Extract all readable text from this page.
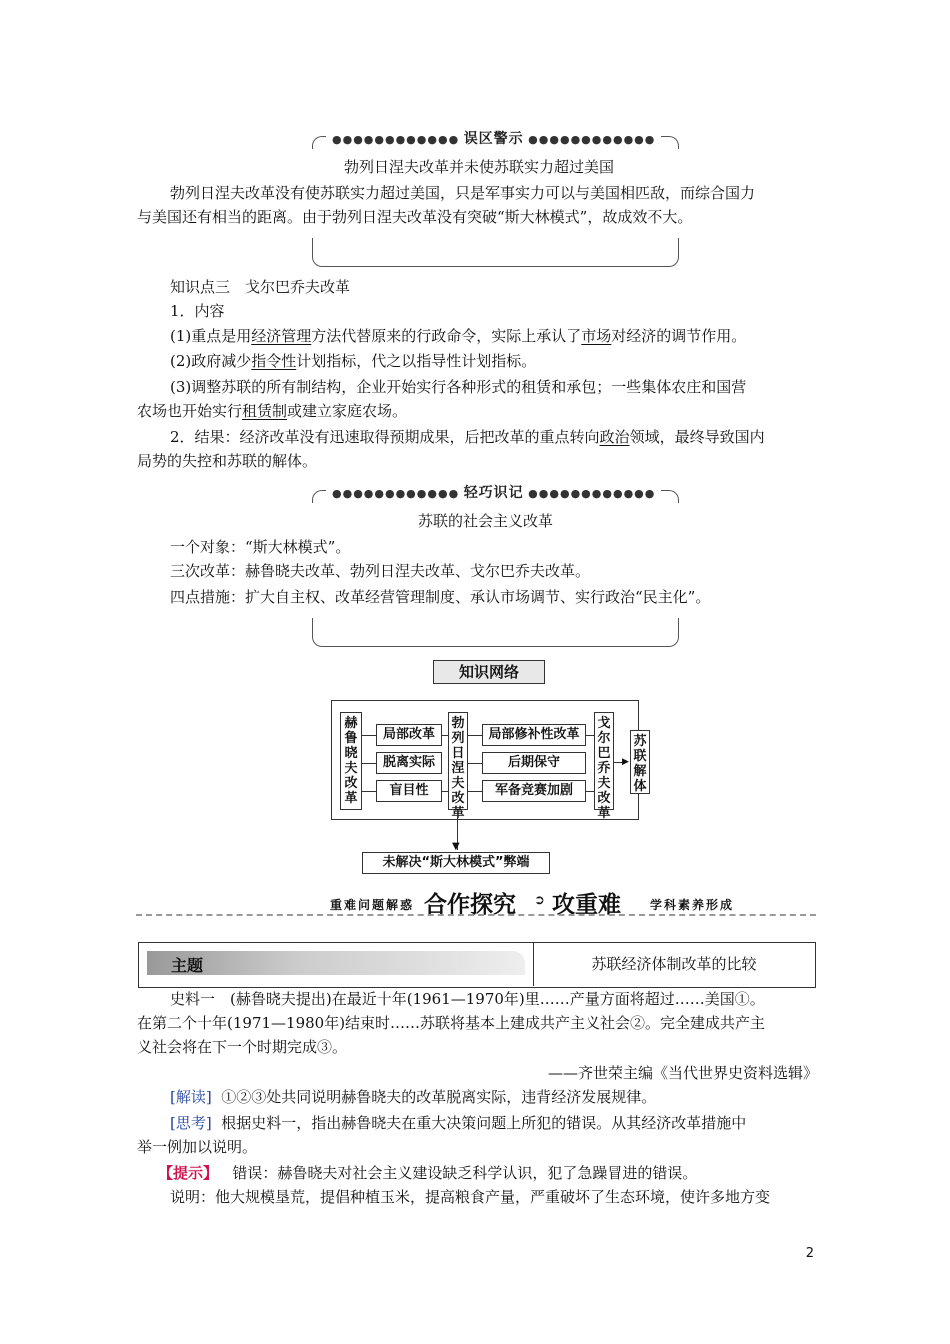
●●●●●●●●●●●● 误区警示 ●●●●●●●●●●●●
勃列日涅夫改革并未使苏联实力超过美国
勃列日涅夫改革没有使苏联实力超过美国，只是军事实力可以与美国相匹敌，而综合国力
与美国还有相当的距离。由于勃列日涅夫改革没有突破“斯大林模式”，故成效不大。
知识点三　戈尔巴乔夫改革
1．内容
(1)重点是用经济管理方法代替原来的行政命令，实际上承认了市场对经济的调节作用。
(2)政府减少指令性计划指标，代之以指导性计划指标。
(3)调整苏联的所有制结构，企业开始实行各种形式的租赁和承包；一些集体农庄和国营
农场也开始实行租赁制或建立家庭农场。
2．结果：经济改革没有迅速取得预期成果，后把改革的重点转向政治领域，最终导致国内
局势的失控和苏联的解体。
●●●●●●●●●●●● 轻巧识记 ●●●●●●●●●●●●
苏联的社会主义改革
一个对象：“斯大林模式”。
三次改革：赫鲁晓夫改革、勃列日涅夫改革、戈尔巴乔夫改革。
四点措施：扩大自主权、改革经营管理制度、承认市场调节、实行政治“民主化”。
知识网络
赫鲁晓夫改革
局部改革
脱离实际
盲目性
勃列日涅夫改革
局部修补性改革
后期保守
军备竞赛加剧
戈尔巴乔夫改革
▶
苏联解体
▼
未解决“斯大林模式”弊端
重难问题解惑 合作探究 ➲ 攻重难 学科素养形成
主题	苏联经济体制改革的比较
史料一　(赫鲁晓夫提出)在最近十年(1961—1970年)里……产量方面将超过……美国①。
在第二个十年(1971—1980年)结束时……苏联将基本上建成共产主义社会②。完全建成共产主
义社会将在下一个时期完成③。
——齐世荣主编《当代世界史资料选辑》
[解读] ①②③处共同说明赫鲁晓夫的改革脱离实际，违背经济发展规律。
[思考] 根据史料一，指出赫鲁晓夫在重大决策问题上所犯的错误。从其经济改革措施中
举一例加以说明。
【提示】 错误：赫鲁晓夫对社会主义建设缺乏科学认识，犯了急躁冒进的错误。
说明：他大规模垦荒，提倡种植玉米，提高粮食产量，严重破坏了生态环境，使许多地方变
2
